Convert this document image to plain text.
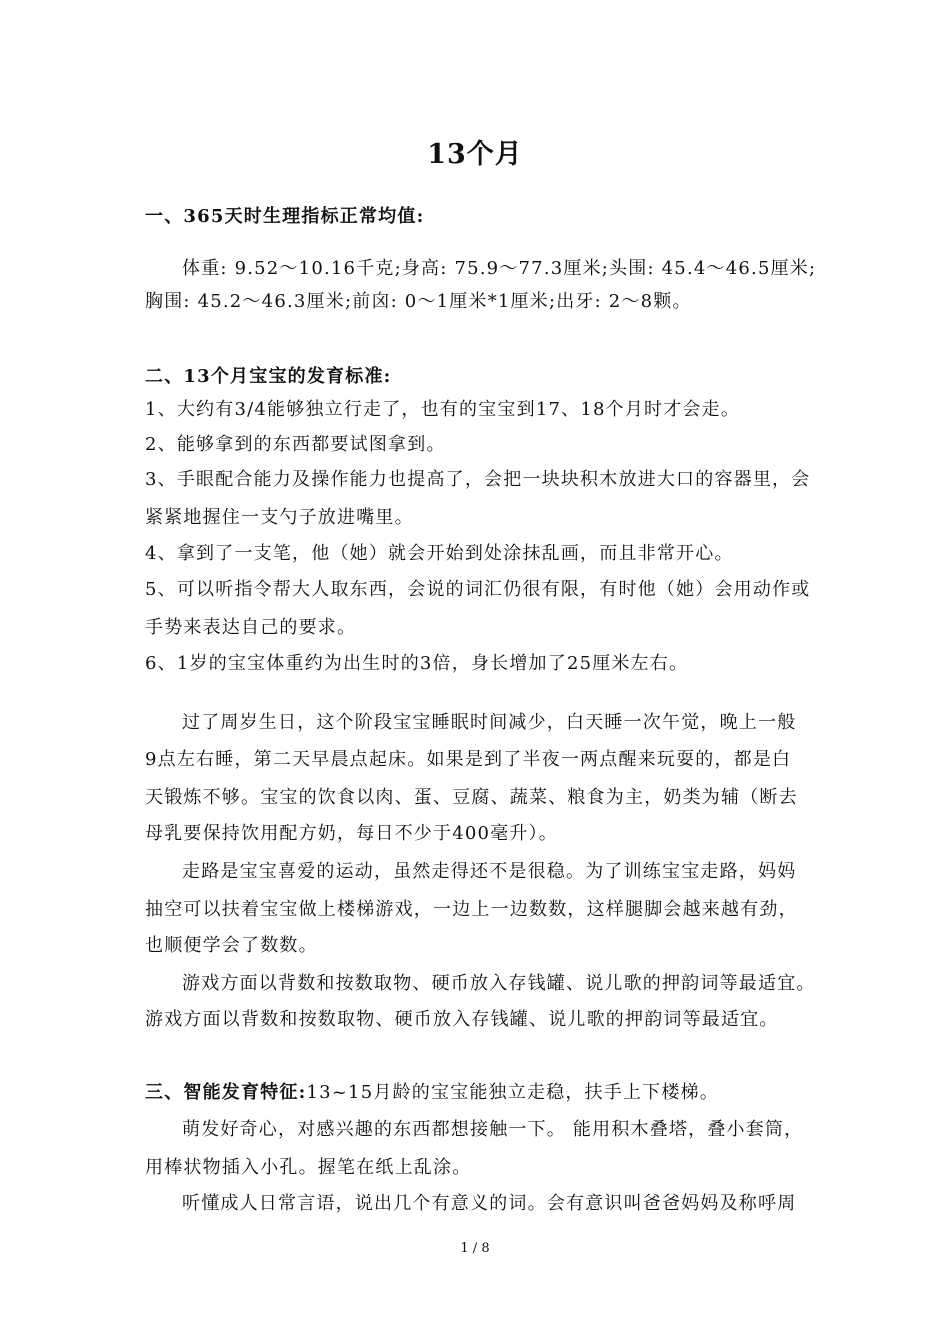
13个月
一、365天时生理指标正常均值:
体重: 9.52～10.16千克;身高: 75.9～77.3厘米;头围: 45.4～46.5厘米;
胸围: 45.2～46.3厘米;前囟: 0～1厘米*1厘米;出牙: 2～8颗。
二、13个月宝宝的发育标准:
1、大约有3/4能够独立行走了，也有的宝宝到17、18个月时才会走。
2、能够拿到的东西都要试图拿到。
3、手眼配合能力及操作能力也提高了，会把一块块积木放进大口的容器里，会
紧紧地握住一支勺子放进嘴里。
4、拿到了一支笔，他（她）就会开始到处涂抹乱画，而且非常开心。
5、可以听指令帮大人取东西，会说的词汇仍很有限，有时他（她）会用动作或
手势来表达自己的要求。
6、1岁的宝宝体重约为出生时的3倍，身长增加了25厘米左右。
过了周岁生日，这个阶段宝宝睡眠时间减少，白天睡一次午觉，晚上一般
9点左右睡，第二天早晨点起床。如果是到了半夜一两点醒来玩耍的，都是白
天锻炼不够。宝宝的饮食以肉、蛋、豆腐、蔬菜、粮食为主，奶类为辅（断去
母乳要保持饮用配方奶，每日不少于400毫升）。
走路是宝宝喜爱的运动，虽然走得还不是很稳。为了训练宝宝走路，妈妈
抽空可以扶着宝宝做上楼梯游戏，一边上一边数数，这样腿脚会越来越有劲，
也顺便学会了数数。
游戏方面以背数和按数取物、硬币放入存钱罐、说儿歌的押韵词等最适宜。
游戏方面以背数和按数取物、硬币放入存钱罐、说儿歌的押韵词等最适宜。
三、智能发育特征:13~15月龄的宝宝能独立走稳，扶手上下楼梯。
萌发好奇心，对感兴趣的东西都想接触一下。 能用积木叠塔，叠小套筒，
用棒状物插入小孔。握笔在纸上乱涂。
听懂成人日常言语，说出几个有意义的词。会有意识叫爸爸妈妈及称呼周
1 / 8
